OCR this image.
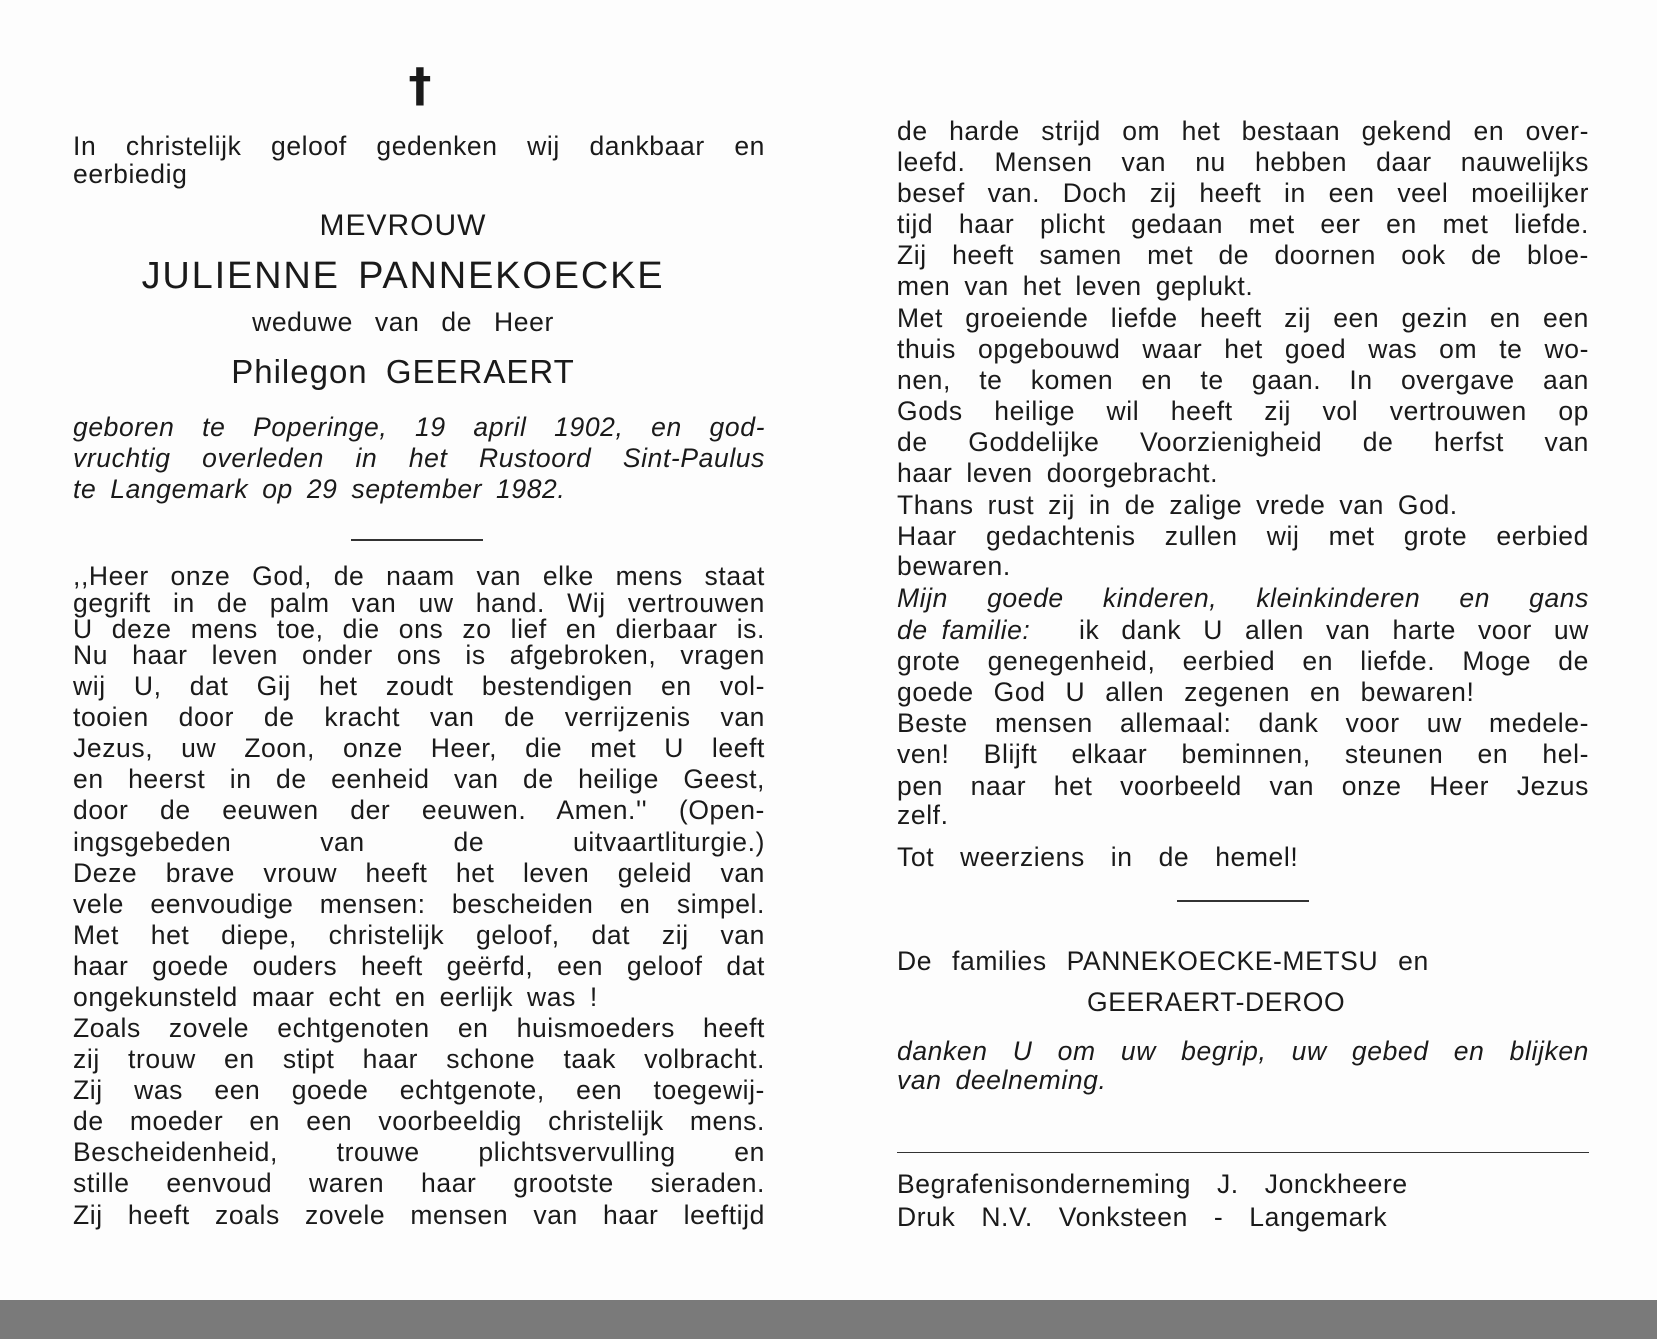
†
In christelijk geloof gedenken wij dankbaar en
eerbiedig
MEVROUW
JULIENNE PANNEKOECKE
weduwe van de Heer
Philegon GEERAERT
geboren te Poperinge, 19 april 1902, en god-
vruchtig overleden in het Rustoord Sint-Paulus
te Langemark op 29 september 1982.
,,Heer onze God, de naam van elke mens staat
gegrift in de palm van uw hand. Wij vertrouwen
U deze mens toe, die ons zo lief en dierbaar is.
Nu haar leven onder ons is afgebroken, vragen
wij U, dat Gij het zoudt bestendigen en vol-
tooien door de kracht van de verrijzenis van
Jezus, uw Zoon, onze Heer, die met U leeft
en heerst in de eenheid van de heilige Geest,
door de eeuwen der eeuwen. Amen.'' (Open-
ingsgebeden van de uitvaartliturgie.)
Deze brave vrouw heeft het leven geleid van
vele eenvoudige mensen: bescheiden en simpel.
Met het diepe, christelijk geloof, dat zij van
haar goede ouders heeft geërfd, een geloof dat
ongekunsteld maar echt en eerlijk was !
Zoals zovele echtgenoten en huismoeders heeft
zij trouw en stipt haar schone taak volbracht.
Zij was een goede echtgenote, een toegewij-
de moeder en een voorbeeldig christelijk mens.
Bescheidenheid, trouwe plichtsvervulling en
stille eenvoud waren haar grootste sieraden.
Zij heeft zoals zovele mensen van haar leeftijd
de harde strijd om het bestaan gekend en over-
leefd. Mensen van nu hebben daar nauwelijks
besef van. Doch zij heeft in een veel moeilijker
tijd haar plicht gedaan met eer en met liefde.
Zij heeft samen met de doornen ook de bloe-
men van het leven geplukt.
Met groeiende liefde heeft zij een gezin en een
thuis opgebouwd waar het goed was om te wo-
nen, te komen en te gaan. In overgave aan
Gods heilige wil heeft zij vol vertrouwen op
de Goddelijke Voorzienigheid de herfst van
haar leven doorgebracht.
Thans rust zij in de zalige vrede van God.
Haar gedachtenis zullen wij met grote eerbied
bewaren.
Mijn goede kinderen, kleinkinderen en gans
de familie: ik dank U allen van harte voor uw
grote genegenheid, eerbied en liefde. Moge de
goede God U allen zegenen en bewaren!
Beste mensen allemaal: dank voor uw medele-
ven! Blijft elkaar beminnen, steunen en hel-
pen naar het voorbeeld van onze Heer Jezus
zelf.
Tot weerziens in de hemel!
De families PANNEKOECKE-METSU en
GEERAERT-DEROO
danken U om uw begrip, uw gebed en blijken
van deelneming.
Begrafenisonderneming J. Jonckheere
Druk N.V. Vonksteen - Langemark
